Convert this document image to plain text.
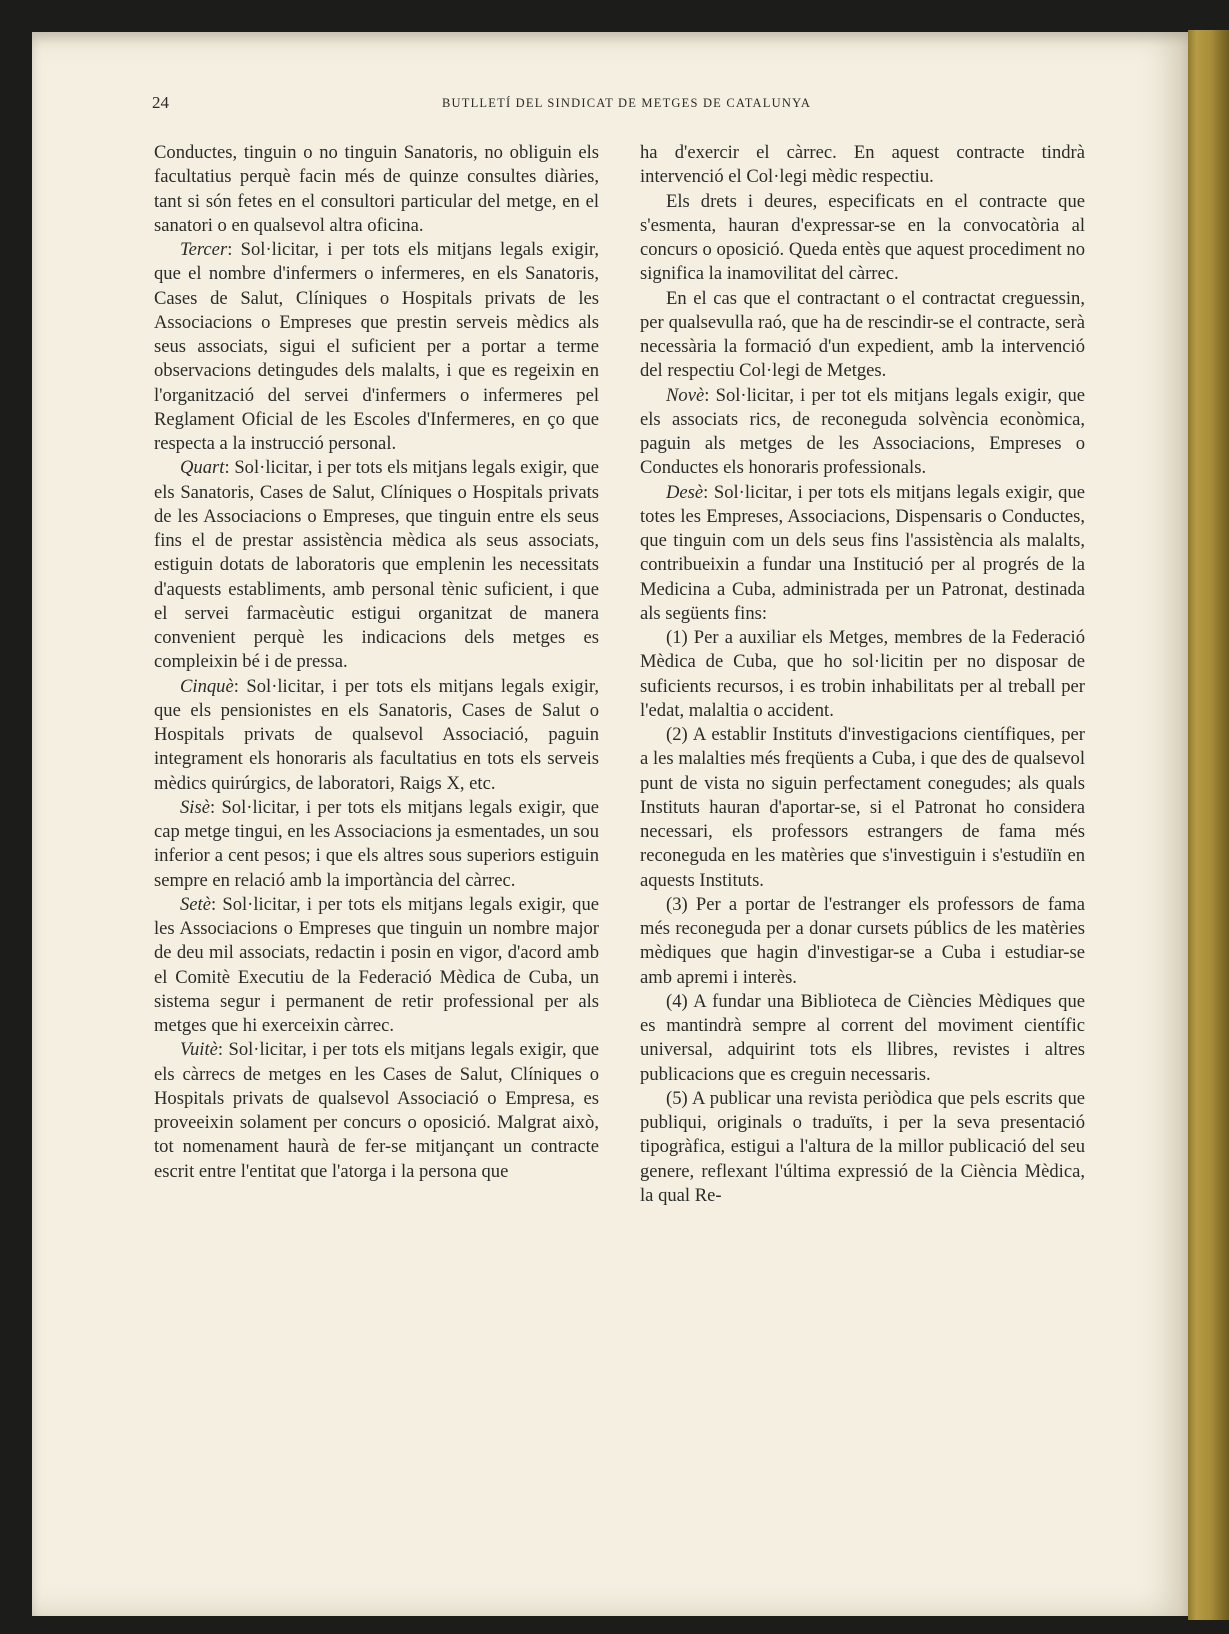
24	BUTLLETÍ DEL SINDICAT DE METGES DE CATALUNYA

Conductes, tinguin o no tinguin Sanatoris, no obliguin els facultatius perquè facin més de quinze consultes diàries, tant si són fetes en el consultori particular del metge, en el sanatori o en qualsevol altra oficina.

Tercer: Sol·licitar, i per tots els mitjans legals exigir, que el nombre d'infermers o infermeres, en els Sanatoris, Cases de Salut, Clíniques o Hospitals privats de les Associacions o Empreses que prestin serveis mèdics als seus associats, sigui el suficient per a portar a terme observacions detingudes dels malalts, i que es regeixin en l'organització del servei d'infermers o infermeres pel Reglament Oficial de les Escoles d'Infermeres, en ço que respecta a la instrucció personal.

Quart: Sol·licitar, i per tots els mitjans legals exigir, que els Sanatoris, Cases de Salut, Clíniques o Hospitals privats de les Associacions o Empreses, que tinguin entre els seus fins el de prestar assistència mèdica als seus associats, estiguin dotats de laboratoris que emplenin les necessitats d'aquests establiments, amb personal tènic suficient, i que el servei farmacèutic estigui organitzat de manera convenient perquè les indicacions dels metges es compleixin bé i de pressa.

Cinquè: Sol·licitar, i per tots els mitjans legals exigir, que els pensionistes en els Sanatoris, Cases de Salut o Hospitals privats de qualsevol Associació, paguin integrament els honoraris als facultatius en tots els serveis mèdics quirúrgics, de laboratori, Raigs X, etc.

Sisè: Sol·licitar, i per tots els mitjans legals exigir, que cap metge tingui, en les Associacions ja esmentades, un sou inferior a cent pesos; i que els altres sous superiors estiguin sempre en relació amb la importància del càrrec.

Setè: Sol·licitar, i per tots els mitjans legals exigir, que les Associacions o Empreses que tinguin un nombre major de deu mil associats, redactin i posin en vigor, d'acord amb el Comitè Executiu de la Federació Mèdica de Cuba, un sistema segur i permanent de retir professional per als metges que hi exerceixin càrrec.

Vuitè: Sol·licitar, i per tots els mitjans legals exigir, que els càrrecs de metges en les Cases de Salut, Clíniques o Hospitals privats de qualsevol Associació o Empresa, es proveeixin solament per concurs o oposició. Malgrat això, tot nomenament haurà de fer-se mitjançant un contracte escrit entre l'entitat que l'atorga i la persona que

ha d'exercir el càrrec. En aquest contracte tindrà intervenció el Col·legi mèdic respectiu.

Els drets i deures, especificats en el contracte que s'esmenta, hauran d'expressar-se en la convocatòria al concurs o oposició. Queda entès que aquest procediment no significa la inamovilitat del càrrec.

En el cas que el contractant o el contractat creguessin, per qualsevulla raó, que ha de rescindir-se el contracte, serà necessària la formació d'un expedient, amb la intervenció del respectiu Col·legi de Metges.

Novè: Sol·licitar, i per tot els mitjans legals exigir, que els associats rics, de reconeguda solvència econòmica, paguin als metges de les Associacions, Empreses o Conductes els honoraris professionals.

Desè: Sol·licitar, i per tots els mitjans legals exigir, que totes les Empreses, Associacions, Dispensaris o Conductes, que tinguin com un dels seus fins l'assistència als malalts, contribueixin a fundar una Institució per al progrés de la Medicina a Cuba, administrada per un Patronat, destinada als següents fins:

(1) Per a auxiliar els Metges, membres de la Federació Mèdica de Cuba, que ho sol·licitin per no disposar de suficients recursos, i es trobin inhabilitats per al treball per l'edat, malaltia o accident.

(2) A establir Instituts d'investigacions científiques, per a les malalties més freqüents a Cuba, i que des de qualsevol punt de vista no siguin perfectament conegudes; als quals Instituts hauran d'aportar-se, si el Patronat ho considera necessari, els professors estrangers de fama més reconeguda en les matèries que s'investiguin i s'estudiïn en aquests Instituts.

(3) Per a portar de l'estranger els professors de fama més reconeguda per a donar cursets públics de les matèries mèdiques que hagin d'investigar-se a Cuba i estudiar-se amb apremi i interès.

(4) A fundar una Biblioteca de Ciències Mèdiques que es mantindrà sempre al corrent del moviment científic universal, adquirint tots els llibres, revistes i altres publicacions que es creguin necessaris.

(5) A publicar una revista periòdica que pels escrits que publiqui, originals o traduïts, i per la seva presentació tipogràfica, estigui a l'altura de la millor publicació del seu genere, reflexant l'última expressió de la Ciència Mèdica, la qual Re-
